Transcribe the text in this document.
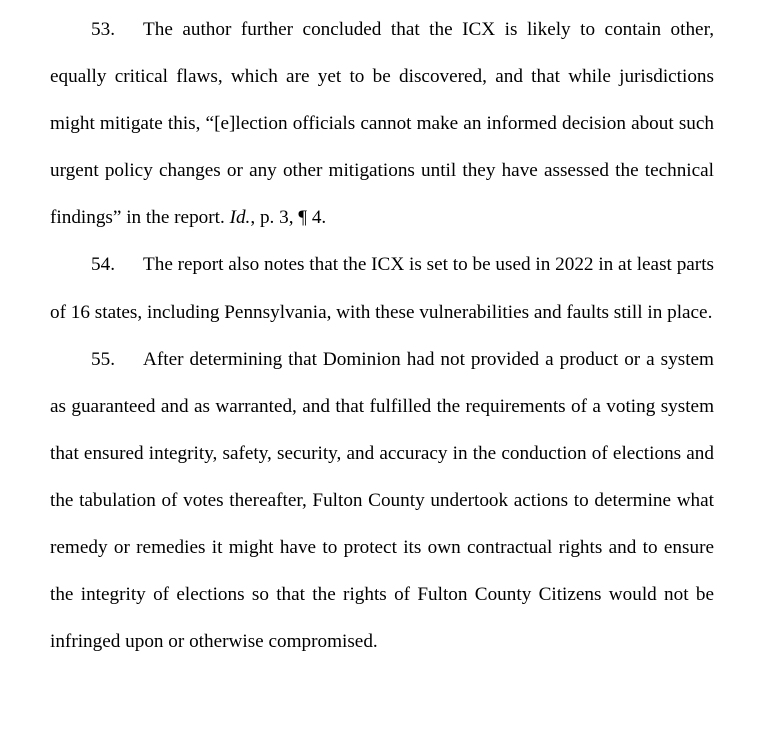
53. The author further concluded that the ICX is likely to contain other, equally critical flaws, which are yet to be discovered, and that while jurisdictions might mitigate this, “[e]lection officials cannot make an informed decision about such urgent policy changes or any other mitigations until they have assessed the technical findings” in the report. Id., p. 3, ¶ 4.

54. The report also notes that the ICX is set to be used in 2022 in at least parts of 16 states, including Pennsylvania, with these vulnerabilities and faults still in place.

55. After determining that Dominion had not provided a product or a system as guaranteed and as warranted, and that fulfilled the requirements of a voting system that ensured integrity, safety, security, and accuracy in the conduction of elections and the tabulation of votes thereafter, Fulton County undertook actions to determine what remedy or remedies it might have to protect its own contractual rights and to ensure the integrity of elections so that the rights of Fulton County Citizens would not be infringed upon or otherwise compromised.
